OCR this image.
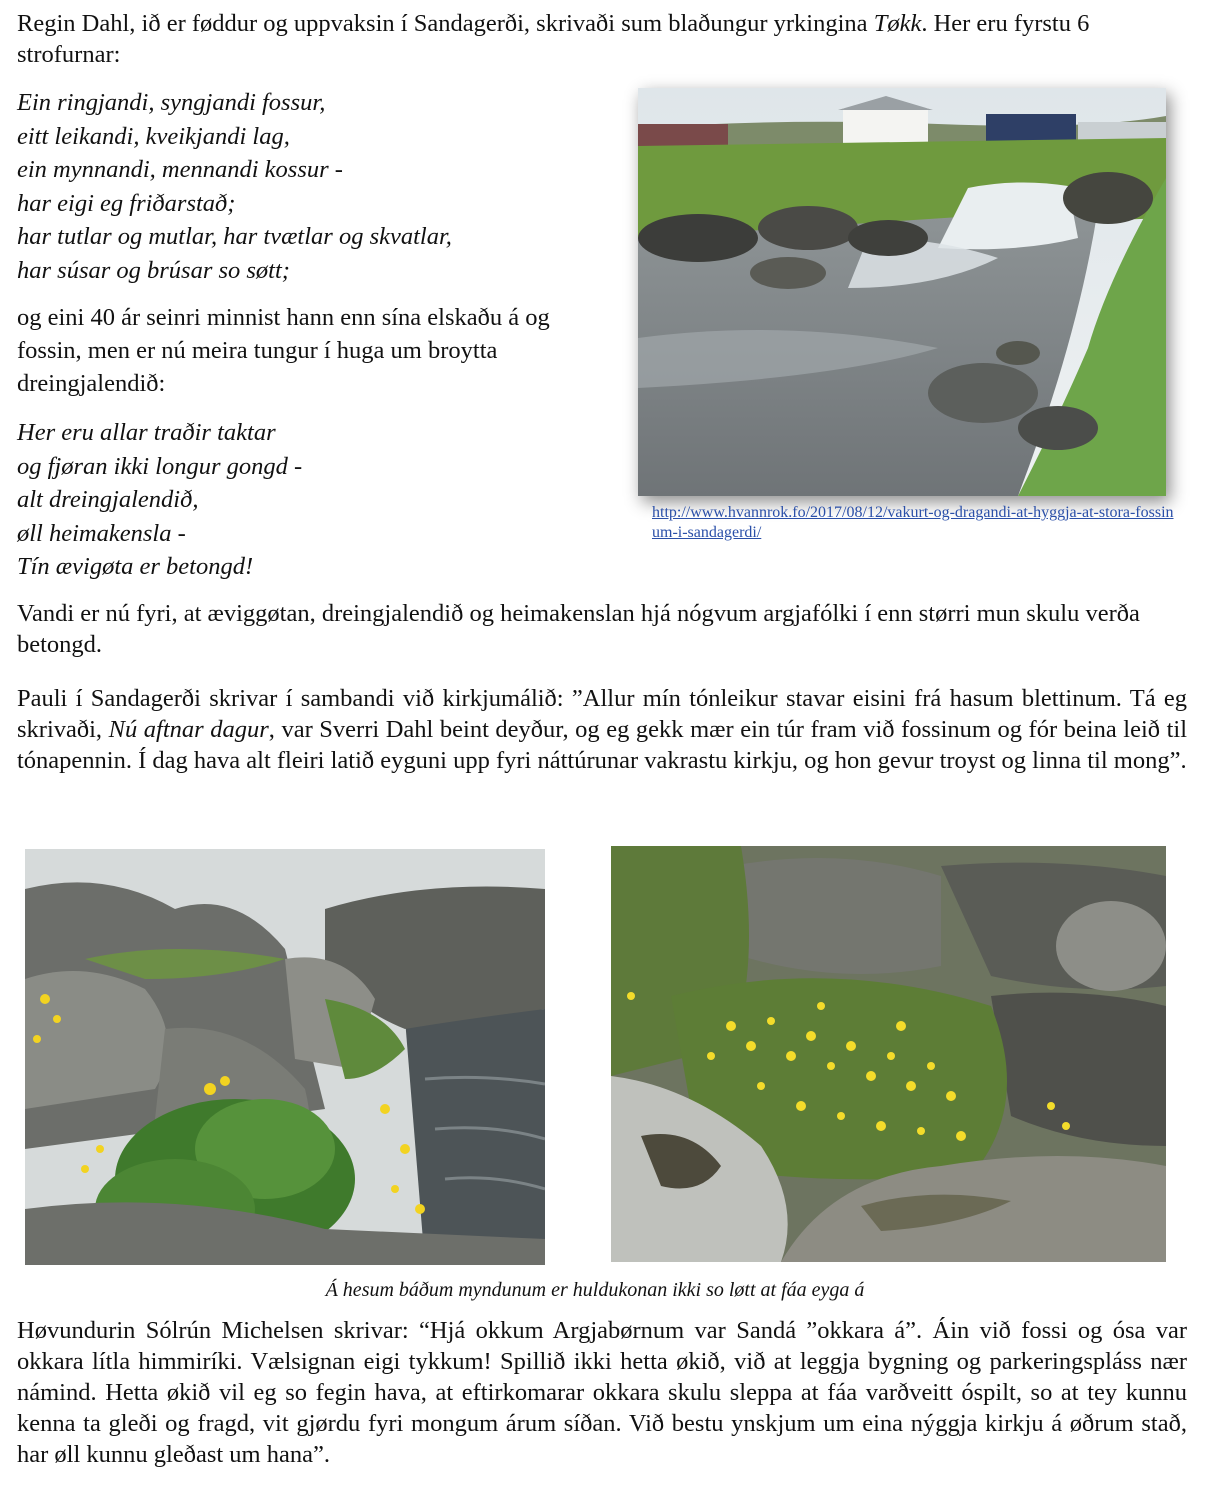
Regin Dahl, ið er føddur og uppvaksin í Sandagerði, skrivaði sum blaðungur yrkingina Tøkk. Her eru fyrstu 6 strofurnar:

Ein ringjandi, syngjandi fossur,
eitt leikandi, kveikjandi lag,
ein mynnandi, mennandi kossur -
har eigi eg friðarstað;
har tutlar og mutlar, har tvætlar og skvatlar,
har súsar og brúsar so søtt;

og eini 40 ár seinri minnist hann enn sína elskaðu á og fossin, men er nú meira tungur í huga um broytta dreingjalendið:

Her eru allar traðir taktar
og fjøran ikki longur gongd -
alt dreingjalendið,
øll heimakensla -
Tín ævigøta er betongd!
http://www.hvannrok.fo/2017/08/12/vakurt-og-dragandi-at-hyggja-at-stora-fossinum-i-sandagerdi/

Vandi er nú fyri, at æviggøtan, dreingjalendið og heimakenslan hjá nógvum argjafólki í enn størri mun skulu verða betongd.

Pauli í Sandagerði skrivar í sambandi við kirkjumálið: ”Allur mín tónleikur stavar eisini frá hasum blettinum. Tá eg skrivaði, Nú aftnar dagur, var Sverri Dahl beint deyður, og eg gekk mær ein túr fram við fossinum og fór beina leið til tónapennin. Í dag hava alt fleiri latið eyguni upp fyri náttúrunar vakrastu kirkju, og hon gevur troyst og linna til mong”.

Á hesum báðum myndunum er huldukonan ikki so løtt at fáa eyga á

Høvundurin Sólrún Michelsen skrivar: “Hjá okkum Argjabørnum var Sandá ”okkara á”. Áin við fossi og ósa var okkara lítla himmiríki. Vælsignan eigi tykkum! Spillið ikki hetta økið, við at leggja bygning og parkeringspláss nær námind. Hetta økið vil eg so fegin hava, at eftirkomarar okkara skulu sleppa at fáa varðveitt óspilt, so at tey kunnu kenna ta gleði og fragd, vit gjørdu fyri mongum árum síðan. Við bestu ynskjum um eina nýggja kirkju á øðrum stað, har øll kunnu gleðast um hana”.
